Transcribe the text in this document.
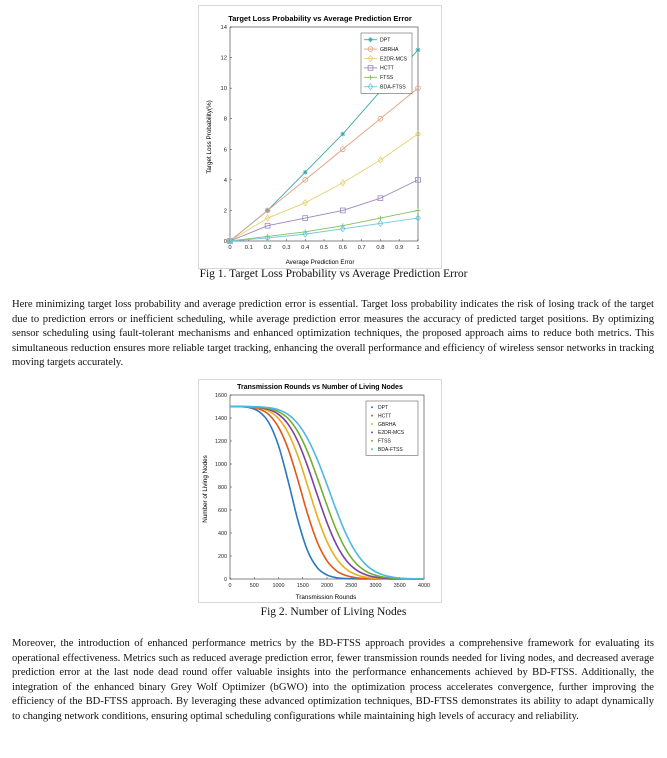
Target Loss Probability vs Average Prediction Error
0 0.1 0.2 0.3 0.4 0.5 0.6 0.7 0.8 0.9 1
0
2
4
6
8
10
12
14
DPT
GBRHA
E2DR-MCS
HCTT
FTSS
BDA-FTSS
Average Prediction Error
Target Loss Probability(%)
Fig 1. Target Loss Probability vs Average Prediction Error

Here minimizing target loss probability and average prediction error is essential. Target loss probability indicates the risk of losing track of the target due to prediction errors or inefficient scheduling, while average prediction error measures the accuracy of predicted target positions. By optimizing sensor scheduling using fault-tolerant mechanisms and enhanced optimization techniques, the proposed approach aims to reduce both metrics. This simultaneous reduction ensures more reliable target tracking, enhancing the overall performance and efficiency of wireless sensor networks in tracking moving targets accurately.

Transmission Rounds vs Number of Living Nodes
0	500	1000 1500 2000 2500 3000 3500 4000
0
200
400
600
800
1000
1200
1400
1600
DPT
HCTT
GBRHA
E2DR-MCS
FTSS
BDA-FTSS
Transmission Rounds
Number of Living Nodes
Fig 2. Number of Living Nodes

Moreover, the introduction of enhanced performance metrics by the BD-FTSS approach provides a comprehensive framework for evaluating its operational effectiveness. Metrics such as reduced average prediction error, fewer transmission rounds needed for living nodes, and decreased average prediction error at the last node dead round offer valuable insights into the performance enhancements achieved by BD-FTSS. Additionally, the integration of the enhanced binary Grey Wolf Optimizer (bGWO) into the optimization process accelerates convergence, further improving the efficiency of the BD-FTSS approach. By leveraging these advanced optimization techniques, BD-FTSS demonstrates its ability to adapt dynamically to changing network conditions, ensuring optimal scheduling configurations while maintaining high levels of accuracy and reliability.
